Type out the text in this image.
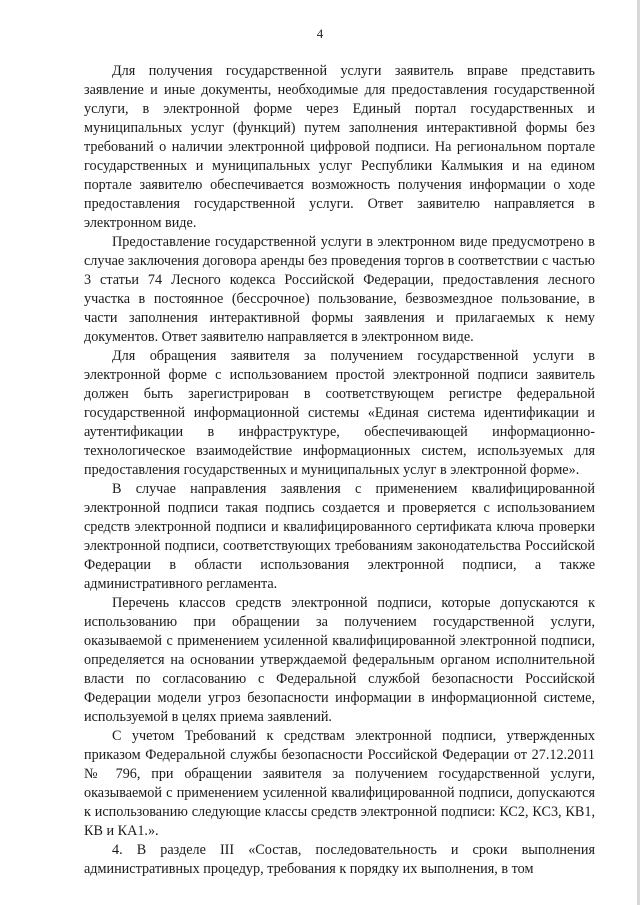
4

Для получения государственной услуги заявитель вправе представить заявление и иные документы, необходимые для предоставления государственной услуги, в электронной форме через Единый портал государственных и муниципальных услуг (функций) путем заполнения интерактивной формы без требований о наличии электронной цифровой подписи. На региональном портале государственных и муниципальных услуг Республики Калмыкия и на едином портале заявителю обеспечивается возможность получения информации о ходе предоставления государственной услуги. Ответ заявителю направляется в электронном виде.

Предоставление государственной услуги в электронном виде предусмотрено в случае заключения договора аренды без проведения торгов в соответствии с частью 3 статьи 74 Лесного кодекса Российской Федерации, предоставления лесного участка в постоянное (бессрочное) пользование, безвозмездное пользование, в части заполнения интерактивной формы заявления и прилагаемых к нему документов. Ответ заявителю направляется в электронном виде.

Для обращения заявителя за получением государственной услуги в электронной форме с использованием простой электронной подписи заявитель должен быть зарегистрирован в соответствующем регистре федеральной государственной информационной системы «Единая система идентификации и аутентификации в инфраструктуре, обеспечивающей информационно-технологическое взаимодействие информационных систем, используемых для предоставления государственных и муниципальных услуг в электронной форме».

В случае направления заявления с применением квалифицированной электронной подписи такая подпись создается и проверяется с использованием средств электронной подписи и квалифицированного сертификата ключа проверки электронной подписи, соответствующих требованиям законодательства Российской Федерации в области использования электронной подписи, а также административного регламента.

Перечень классов средств электронной подписи, которые допускаются к использованию при обращении за получением государственной услуги, оказываемой с применением усиленной квалифицированной электронной подписи, определяется на основании утверждаемой федеральным органом исполнительной власти по согласованию с Федеральной службой безопасности Российской Федерации модели угроз безопасности информации в информационной системе, используемой в целях приема заявлений.

С учетом Требований к средствам электронной подписи, утвержденных приказом Федеральной службы безопасности Российской Федерации от 27.12.2011 № 796, при обращении заявителя за получением государственной услуги, оказываемой с применением усиленной квалифицированной подписи, допускаются к использованию следующие классы средств электронной подписи: КС2, КС3, КВ1, КВ и КА1.».

4. В разделе III «Состав, последовательность и сроки выполнения административных процедур, требования к порядку их выполнения, в том
